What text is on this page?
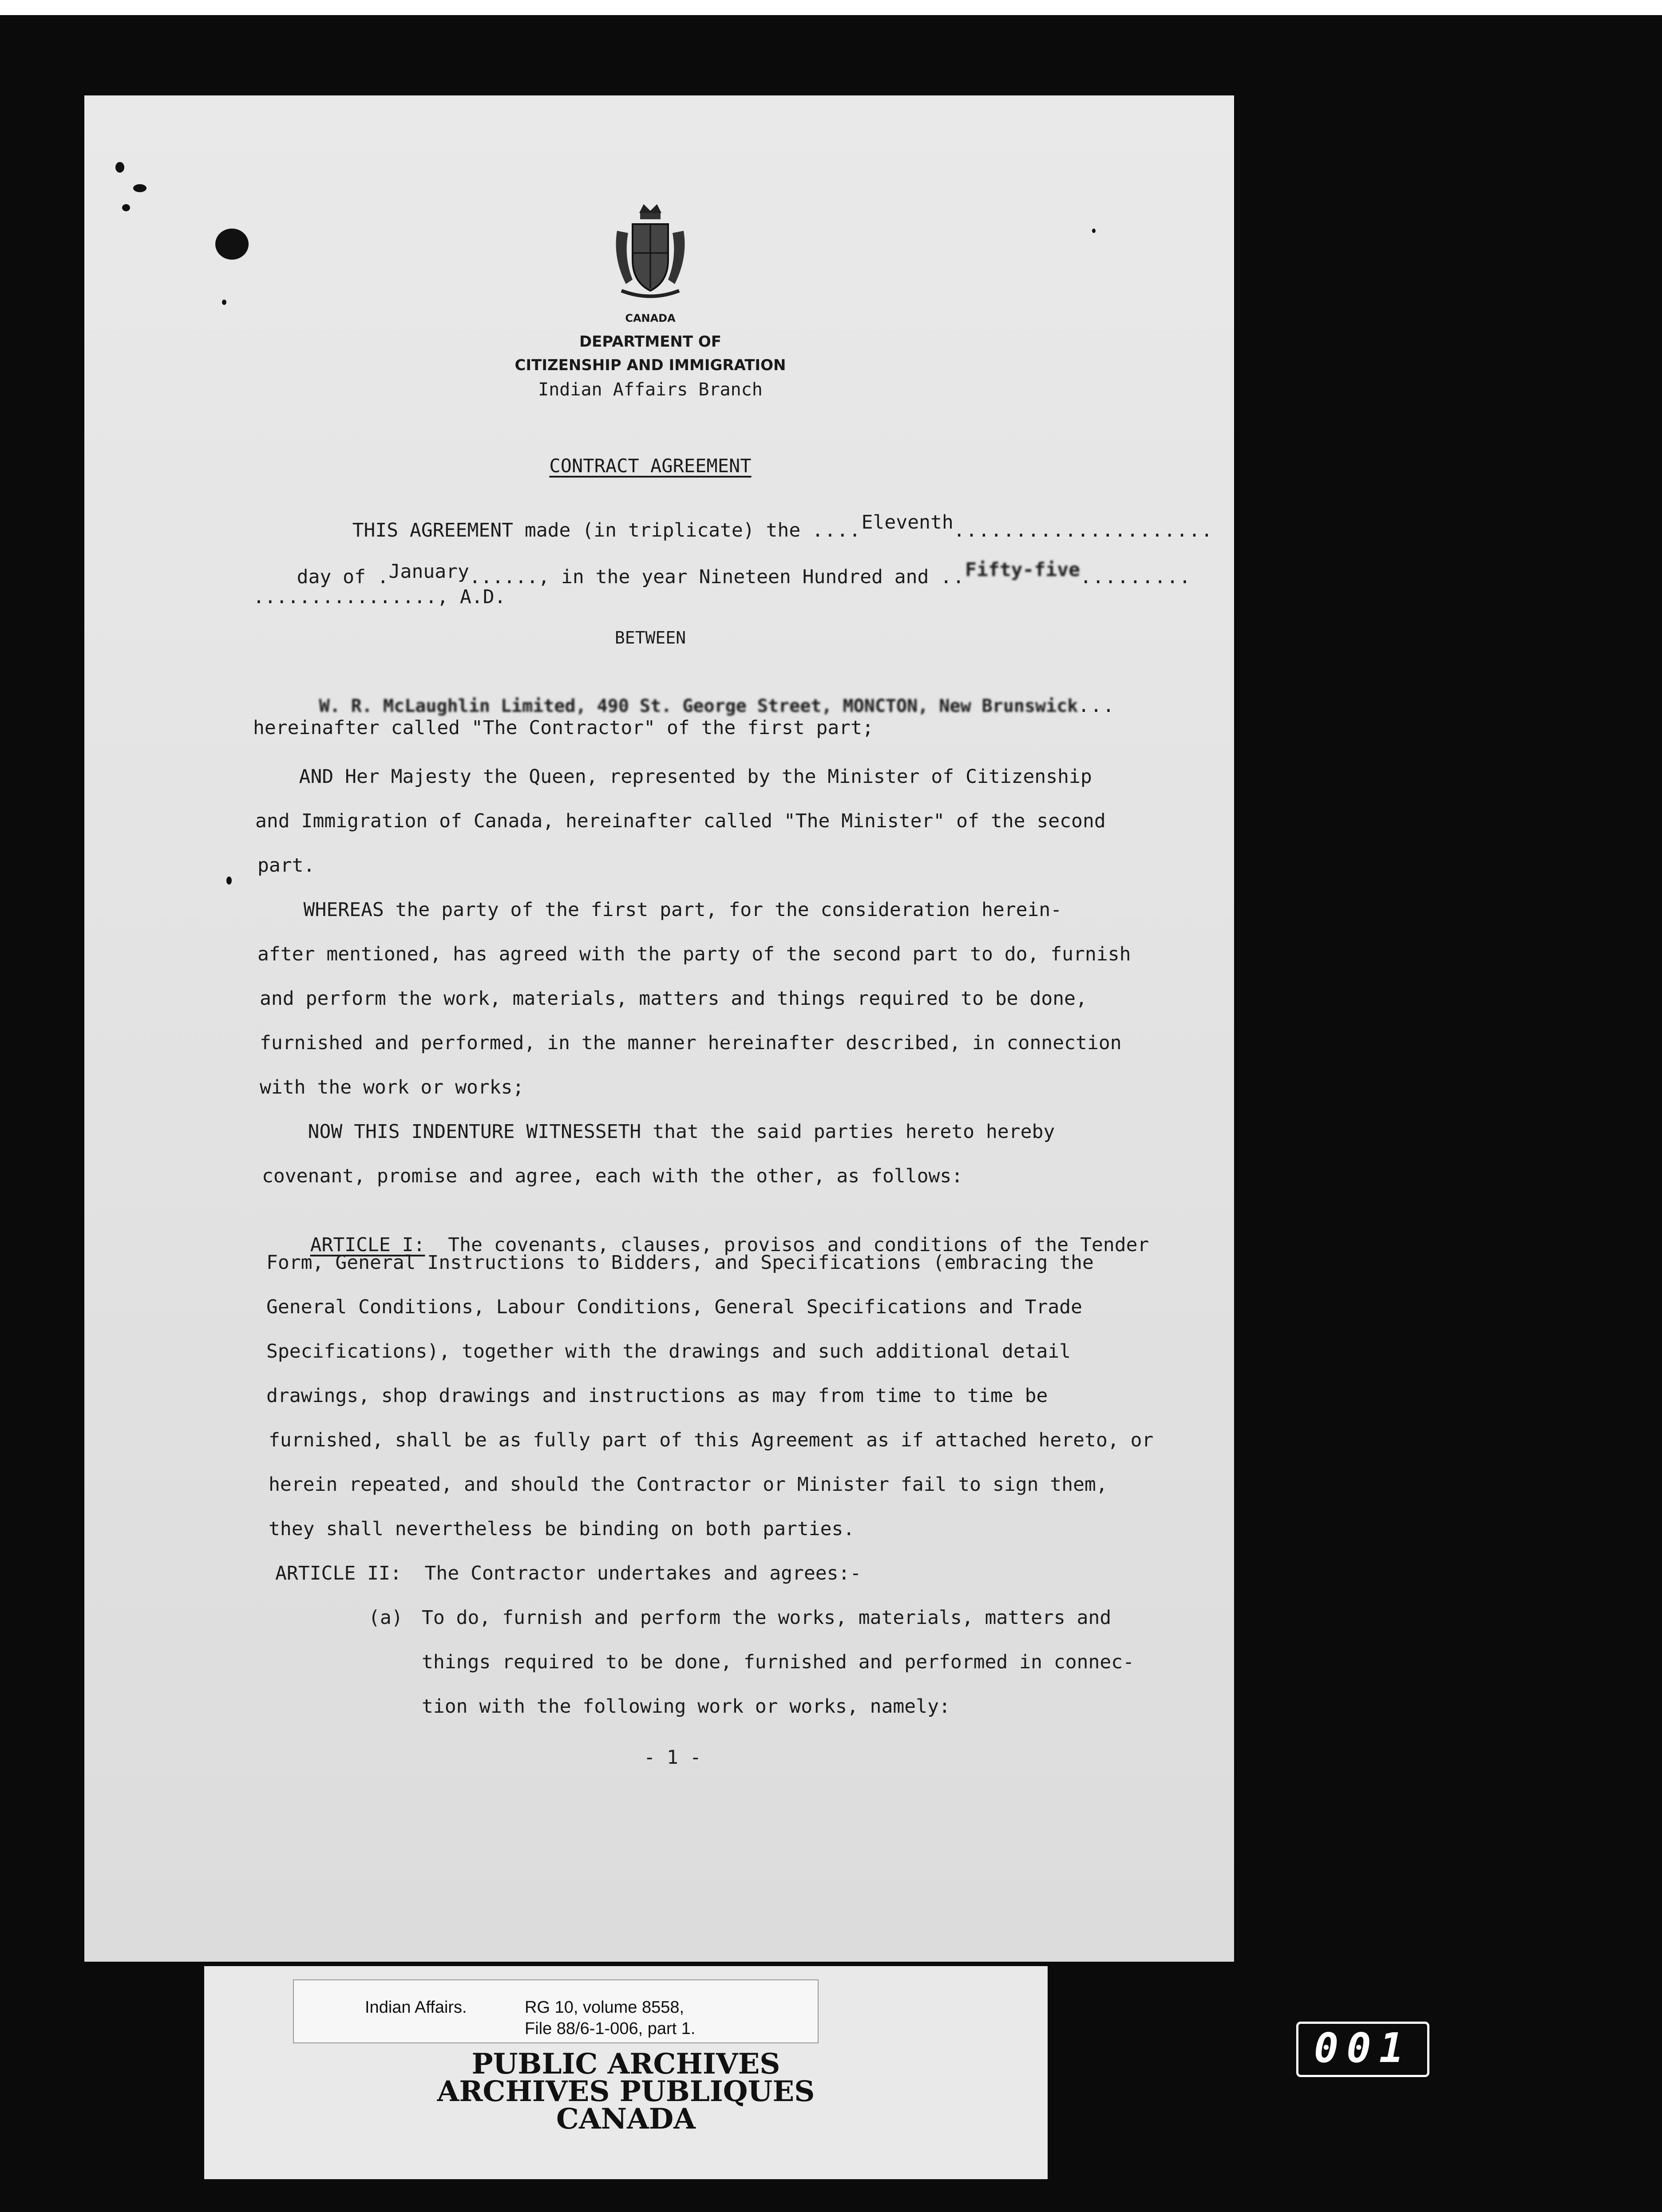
CANADA
DEPARTMENT OF
CITIZENSHIP AND IMMIGRATION
Indian Affairs Branch
CONTRACT AGREEMENT

THIS AGREEMENT made (in triplicate) the ....Eleventh.....................

day of .January......, in the year Nineteen Hundred and ..Fifty-five.........

................, A.D.
BETWEEN

W. R. McLaughlin Limited, 490 St. George Street, MONCTON, New Brunswick...

hereinafter called "The Contractor" of the first part;
AND Her Majesty the Queen, represented by the Minister of Citizenship
and Immigration of Canada, hereinafter called "The Minister" of the second
part.
WHEREAS the party of the first part, for the consideration herein-
after mentioned, has agreed with the party of the second part to do, furnish
and perform the work, materials, matters and things required to be done,
furnished and performed, in the manner hereinafter described, in connection
with the work or works;
NOW THIS INDENTURE WITNESSETH that the said parties hereto hereby
covenant, promise and agree, each with the other, as follows:

ARTICLE I:  The covenants, clauses, provisos and conditions of the Tender

Form, General Instructions to Bidders, and Specifications (embracing the
General Conditions, Labour Conditions, General Specifications and Trade
Specifications), together with the drawings and such additional detail
drawings, shop drawings and instructions as may from time to time be
furnished, shall be as fully part of this Agreement as if attached hereto, or
herein repeated, and should the Contractor or Minister fail to sign them,
they shall nevertheless be binding on both parties.
ARTICLE II:  The Contractor undertakes and agrees:-
(a) To do, furnish and perform the works, materials, matters and
things required to be done, furnished and performed in connec-
tion with the following work or works, namely:
- 1 -
Indian Affairs.	RG 10, volume 8558,
File 88/6-1-006, part 1.
PUBLIC ARCHIVES
ARCHIVES PUBLIQUES
CANADA
001
